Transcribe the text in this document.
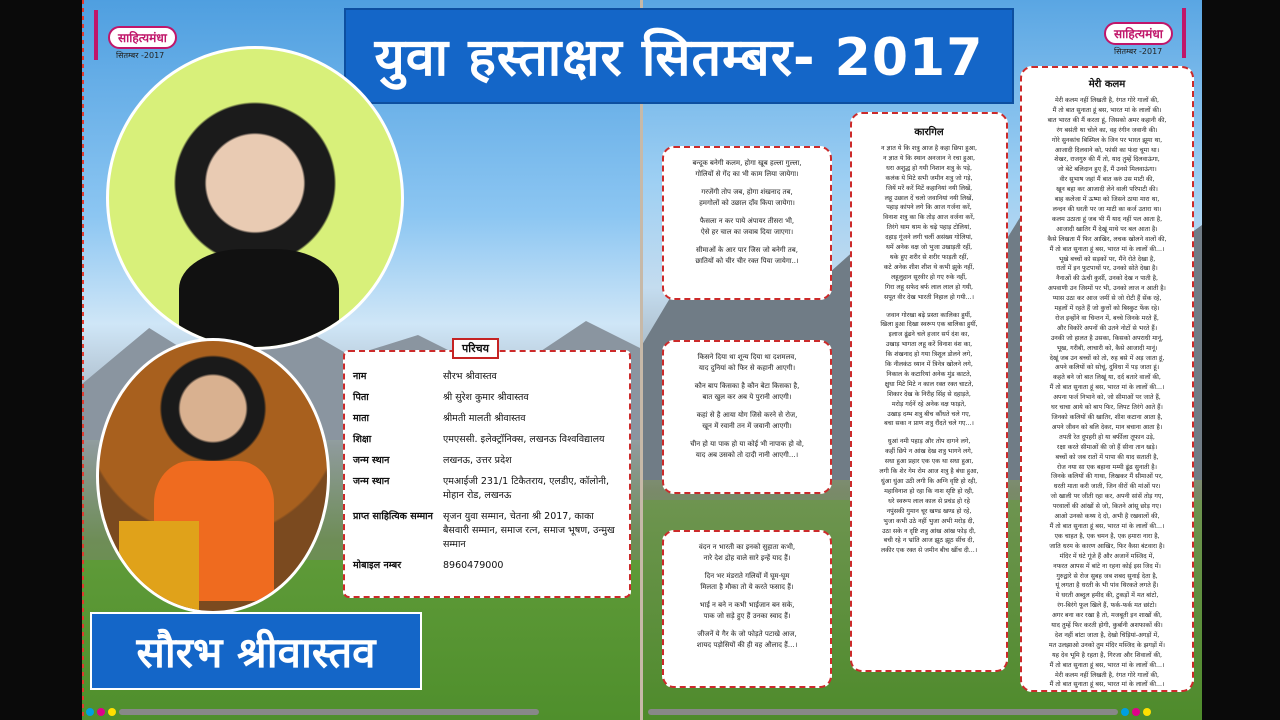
साहित्यमंधा
सितम्बर -2017
साहित्यमंधा
सितम्बर -2017
युवा हस्ताक्षर सितम्बर- 2017
सौरभ श्रीवास्तव
परिचय
नाम	सौरभ श्रीवास्तव
पिता	श्री सुरेश कुमार श्रीवास्तव
माता	श्रीमती मालती श्रीवास्तव
शिक्षा	एमएससी. इलेक्ट्रॉनिक्स, लखनऊ विश्वविद्यालय
जन्म स्थान	लखनऊ, उत्तर प्रदेश
जन्म स्थान	एमआईजी 231/1 टिकैतराय, एलडीए, कॉलोनी, मोहान रोड, लखनऊ
प्राप्त साहित्यिक सम्मान	सृजन युवा सम्मान, चेतना श्री 2017, काका बैसवारी सम्मान, समाज रत्न, समाज भूषण, उन्मुख सम्मान
मोबाइल नम्बर	8960479000
बन्दूक बनेगी कलम, होगा खूब हल्ला गुल्ला,
गोलियों से गेंद का भी काम लिया जायेगा।
गरजेंगी तोप जब, होगा शंखनाद तब,
हमगोलों को उछाल दाँव किया जायेगा।
फैसला न कर पाये अंपायर तीसरा भी,
ऐसे हर चाल का जवाब दिया जाएगा।
सीमाओं के आर पार जिस जो बनेगी तब,
छातियों को चीर चीर रक्त पिया जायेगा..।
किसने दिया था शून्य दिया था दशमलव,
याद दुनियां को फिर से कहानी आएगी।
कौन बाप किसका है कौन बेटा किसका है,
बात खुल कर अब ये पुरानी आएगी।
कहां से है आया योग जिसे करने से रोज,
खून में रवानी तन में जवानी आएगी।
चीन हो या पाक हो या कोई भी नापाक हो वो,
याद अब उसको तो दादी नानी आएगी...।
वंदन न भारती का इनको सुहाता कभी,
नारे देश द्रोह वाले सारे इन्हें याद हैं।
दिन भर मंडराते गलियों में घूम-घूम
मिलता है मौका तो ये करते फसाद हैं।
भाई न बने न कभी भाईजान बन सके,
पाक जो सड़े हुए हैं उनका स्वाद हैं।
जीजनें ये गैर के जो फोड़ते पटाखे आज,
शायद पड़ोसियों की ही वह औलाद हैं...।
कारगिल
न ज्ञात ये कि शत्रु आज है कहा छिपा हुआ,
न ज्ञात ये कि स्थान अनजान ने रचा हुआ,
धरा अशुद्ध हो गयी निशान शत्रु के पड़े,
कलंक ये मिटे सभी जमीन शत्रु जो गड़े,
जियें मरें करें मिटें कहानियां नयी लिखें,
लहू उछाल दें चलो जवानियां नयी लिखें,
पहाड़ कांपने लगे कि आज गर्जना करें,
विनाश शत्रु का कि तोड़ आज वर्जना करें,
तिरंगे थाम थाम के चढ़े पहाड़ टोलियां,
दहाड़ गूंजने लगी चलीं असंख्य गोलियां,
थमें अनेक वक्ष जो भुजा उखाड़ती रहीं,
थके हुए शरीर से शरीर फाड़ती रहीं,
कटे अनेक शीश शीश थे कभी झुके नहीं,
लहूलुहान सूरवीर हो गए रुके नहीं,
गिरा लहू सफेद बर्फ लाल लाल हो गयी,
सपूत वीर देख भारती निहाल हो गयी...।
जवान गोरखा बढ़े प्रस्ता कालिका हुयीं,
खिला हुआ दिखा स्वरूप एक बालिका हुयीं,
इलाज ढूंढने चले हजार सर्प दंश का,
उखाड़ भागता लहू करें विनाश वंश का,
कि शंखनाद हो गया त्रिशूल डोलने लगे,
कि नीलकंठ ध्यान में त्रिनेत्र खोलने लगे,
निकाल के कटारियां अनेक मुंड काटते,
क्षुधा मिटे मिटे न काल रक्त रक्त चाटते,
शिकार देख के निरीह सिंह से दहाड़ते,
मरोड़ गर्दनें रहे अनेक वक्ष फाड़ते,
उखाड़ दम्भ शत्रु बीच कौंधते चले गए,
बचा सका न प्राण शत्रु रौंदते चले गए...।
धुआं नमी पहाड़ और तोप दागने लगे,
कहीं छिपे न आंख देख शत्रु भागने लगे,
सधा हुआ प्रहार एक एक था सधा हुआ,
लगी कि शेर गेम रोम आज शत्रु है बंधा हुआ,
धुंआ धुंआ उठी लगी कि अग्नि वृष्टि हो रही,
महाविनाश हो रहा कि नाश सृष्टि हो रही,
धरे स्वरूप लाल काल से प्रचंड हो रहे
नपुंसकी गुमान चूर खण्ड खण्ड हो रहे,
भुजा कभी उठे नहीं भुजा अभी मरोड़ दी,
उठा सके न दृष्टि शत्रु आंख आंख फोड़ दी,
बची रहे न भ्रांति आज झूठ झूठ सींच दी,
लकीर एक रक्त से जमीन बीच खींच दी...।
मेरी कलम
मेरी कलम नहीं लिखती है, रंगत गोरे गालों की,
मैं तो बात सुनाता हूं बस, भारत मां के लालों की।
बात भारत की मैं करता हूं, जिसको अमर कहानी की,
रंग बसंती था चोले का, वह रंगीन जवानी की।
गोरे सुनकांच बिस्मिल के जिन पर भारत झूमा था,
आजादी दिलवाने को, फांसी का फंदा चूमा था।
शेखर, राजगुरु की मैं तो, याद तुम्हें दिलवाऊंगा,
जो बेटे बलिदान हुए हैं, मैं उनसे मिलवाऊंगा।
वीर सुभाष जहां मैं बात करुं उस माटी की,
खून बहा कर आजादी लेने वाली परिपाटी की।
बाह कलेजा में ऊष्मा को जिसने ठाया मारा था,
लन्दन की धरती पर जा माटी का कर्ज उतारा था।
कलम उठाता हूं जब भी मैं याद नहीं पल आता है,
आजादी खातिर मैं देखूं माथे पर बल आता है।
कैसे लिखता मैं फिर आखिर, लचक खोलने वालों की,
मैं तो बात सुनाता हूं बस, भारत मां के लालों की...।
भूखे बच्चों को सड़कों पर, मैंने रोते देखा है,
रातों में इन फुटपाथों पर, उनको सोते देखा है।
नैनाओं की ऊंची कुर्सी, उनको देख न पाती है,
अपवाणी उन जिस्मों पर भी, उनको लाज न आती है।
प्यास उठा कर आज जमीं से जो रोटी हैं सेंक रहे,
महलों में रहते हैं जो कुत्तों को बिस्कुट फेंक रहे।
रोज इन्होंने वा चिन्तन में, बच्चे जिनके मरते हैं,
और विकोरे अपनों की उतने नोटों से भरते हैं।
उनकी जो हालत है उसका, किसको अपराधी मानूं,
भूख, गरीबी, लाचारी को, कैसे आजादी मानूं।
देखूं जब उन बच्चों को तो, रुह बसे में अड़ जाता हूं,
अपने कलियों को सोचूं, दुविधा में पड़ जाता हूं।
कहते बने जो बात लिखूं या, दर्द बतारे वालों की,
मैं तो बात सुनाता हूं बस, भारत मां के लालों की...।
अपना फर्ज निभाने को, जो सीमाओं पर जाते हैं,
घर चाचा आये को बाप फिर, लिपट तिरंगे आते हैं।
जिनको कलियों की खातिर, शीश कटाना आता है,
अपने जीवन को बलि देकर, मान बचाना आता है।
तपती रेत दुपहरी हो या बर्फीला तूफान उड़े,
रक्षा करते सीमाओं की जो हैं सीना तान खड़े।
बच्चों को जब रातों में पापा की याद सताती है,
रोज नया सा एक बहाना मम्मी ढूंढ सुनाती है।
जिनके कलियों की गाथा, लिखकर मैं सीमाओं पर,
धरती माता करी जाती, जिन वीरों की मांओं पर।
जो खाली पर जीती रहा कर, अपनी सांसें तोड़ गए,
परवालों की आंखों से जो, कितने आंसू छोड़ गए।
आओ उनको कथ्य दे दो, अभी है रखवालों की,
मैं तो बात सुनाता हूं बस, भारत मां के लालों की...।
एक चाहत है, एक चमन है, एक हमारा नारा है,
जाति धरम के कारण आखिर, फिर कैसा बंटवारा है।
मंदिर में घंटे गूंजे हैं और अजानें मस्जिद में,
नफरत आपस में बांटे ना रहना कोई इस जिद में।
गुरुद्वारे से रोज सुबह जब शबद सुनाई देता है,
यूं लगता है धरती के भी पांव थिरकते लगते हैं।
ये धरती अब्दुल हमीद की, टुकड़ों में मत बांटो,
रंग-बिरंगे फूल खिले हैं, फर्क-फर्क मत छांटो।
अगर बना कर रखा है तो, मजबूती इन शाखों की,
याद तुम्हें फिर करती होगी, कुर्बानी अशफाकों की।
देश नहीं बांटा जाता है, देखो चिड़ियां-अगड़ों में,
मत उलझाओ उनको तुम मंदिर मस्जिद के झगड़ों में।
यह देव भूमि है रहता है, गिरजा और शिवालों की,
मैं तो बात सुनाता हूं बस, भारत मां के लालों की...।
मेरी कलम नहीं लिखती है, रंगत गोरे गालों की,
मैं तो बात सुनाता हूं बस, भारत मां के लालों की...।
